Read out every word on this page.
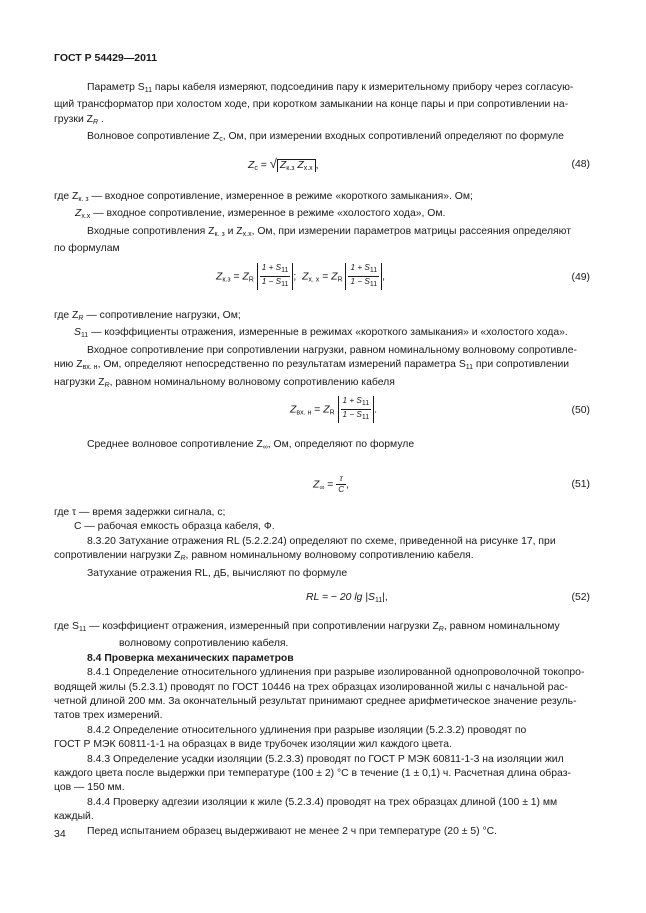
ГОСТ Р 54429—2011
Параметр $S_{11}$ пары кабеля измеряют, подсоединив пару к измерительному прибору через согласую-
щий трансформатор при холостом ходе, при коротком замыкании на конце пары и при сопротивлении на-
грузки $Z_R$ .
Волновое сопротивление $Z_c$, Ом, при измерении входных сопротивлений определяют по формуле
$Z_c$ = √ $Z_{к.з}$ $Z_{x.x}$ ,	(48)
где $Z_{к. з}$ — входное сопротивление, измеренное в режиме «короткого замыкания». Ом;
$Z_{x.x}$ — входное сопротивление, измеренное в режиме «холостого хода», Ом.
Входные сопротивления $Z_{к. з}$ и $Z_{x.x}$, Ом, при измерении параметров матрицы рассеяния определяют
по формулам
$Z_{к.з} = Z_R \frac{1 + S11}{1 - S11}$ ; $Z_{х. х} = Z_R \frac{1 + S11}{1 - S11}$ ,	(49)
где $Z_R$ — сопротивление нагрузки, Ом;
$S_{11}$ — коэффициенты отражения, измеренные в режимах «короткого замыкания» и «холостого хода».
Входное сопротивление при сопротивлении нагрузки, равном номинальному волновому сопротивле-
нию $Z_{вх. н}$, Ом, определяют непосредственно по результатам измерений параметра $S_{11}$ при сопротивлении
нагрузки $Z_R$, равном номинальному волновому сопротивлению кабеля
$Z_{вх. н} = Z_R \frac{1 + S11}{1 - S11}$ .	(50)
Среднее волновое сопротивление $Z_\infty$, Ом, определяют по формуле
$Z_\infty = \frac{\tau}{C}$ ,	(51)
где τ — время задержки сигнала, с;
C — рабочая емкость образца кабеля, Ф.
8.3.20 Затухание отражения RL (5.2.2.24) определяют по схеме, приведенной на рисунке 17, при
сопротивлении нагрузки $Z_R$, равном номинальному волновому сопротивлению кабеля.
Затухание отражения RL, дБ, вычисляют по формуле
RL = − 20 $\lg |S_{11}|$,	(52)
где $S_{11}$ — коэффициент отражения, измеренный при сопротивлении нагрузки $Z_R$, равном номинальному
волновому сопротивлению кабеля.
8.4 Проверка механических параметров
8.4.1 Определение относительного удлинения при разрыве изолированной однопроволочной токопро-
водящей жилы (5.2.3.1) проводят по ГОСТ 10446 на трех образцах изолированной жилы с начальной рас-
четной длиной 200 мм. За окончательный результат принимают среднее арифметическое значение резуль-
татов трех измерений.
8.4.2 Определение относительного удлинения при разрыве изоляции (5.2.3.2) проводят по
ГОСТ Р МЭК 60811-1-1 на образцах в виде трубочек изоляции жил каждого цвета.
8.4.3 Определение усадки изоляции (5.2.3.3) проводят по ГОСТ Р МЭК 60811-1-3 на изоляции жил
каждого цвета после выдержки при температуре (100 ± 2) °С в течение (1 ± 0,1) ч. Расчетная длина образ-
цов — 150 мм.
8.4.4 Проверку адгезии изоляции к жиле (5.2.3.4) проводят на трех образцах длиной (100 ± 1) мм
каждый.
Перед испытанием образец выдерживают не менее 2 ч при температуре (20 ± 5) °С.
34
